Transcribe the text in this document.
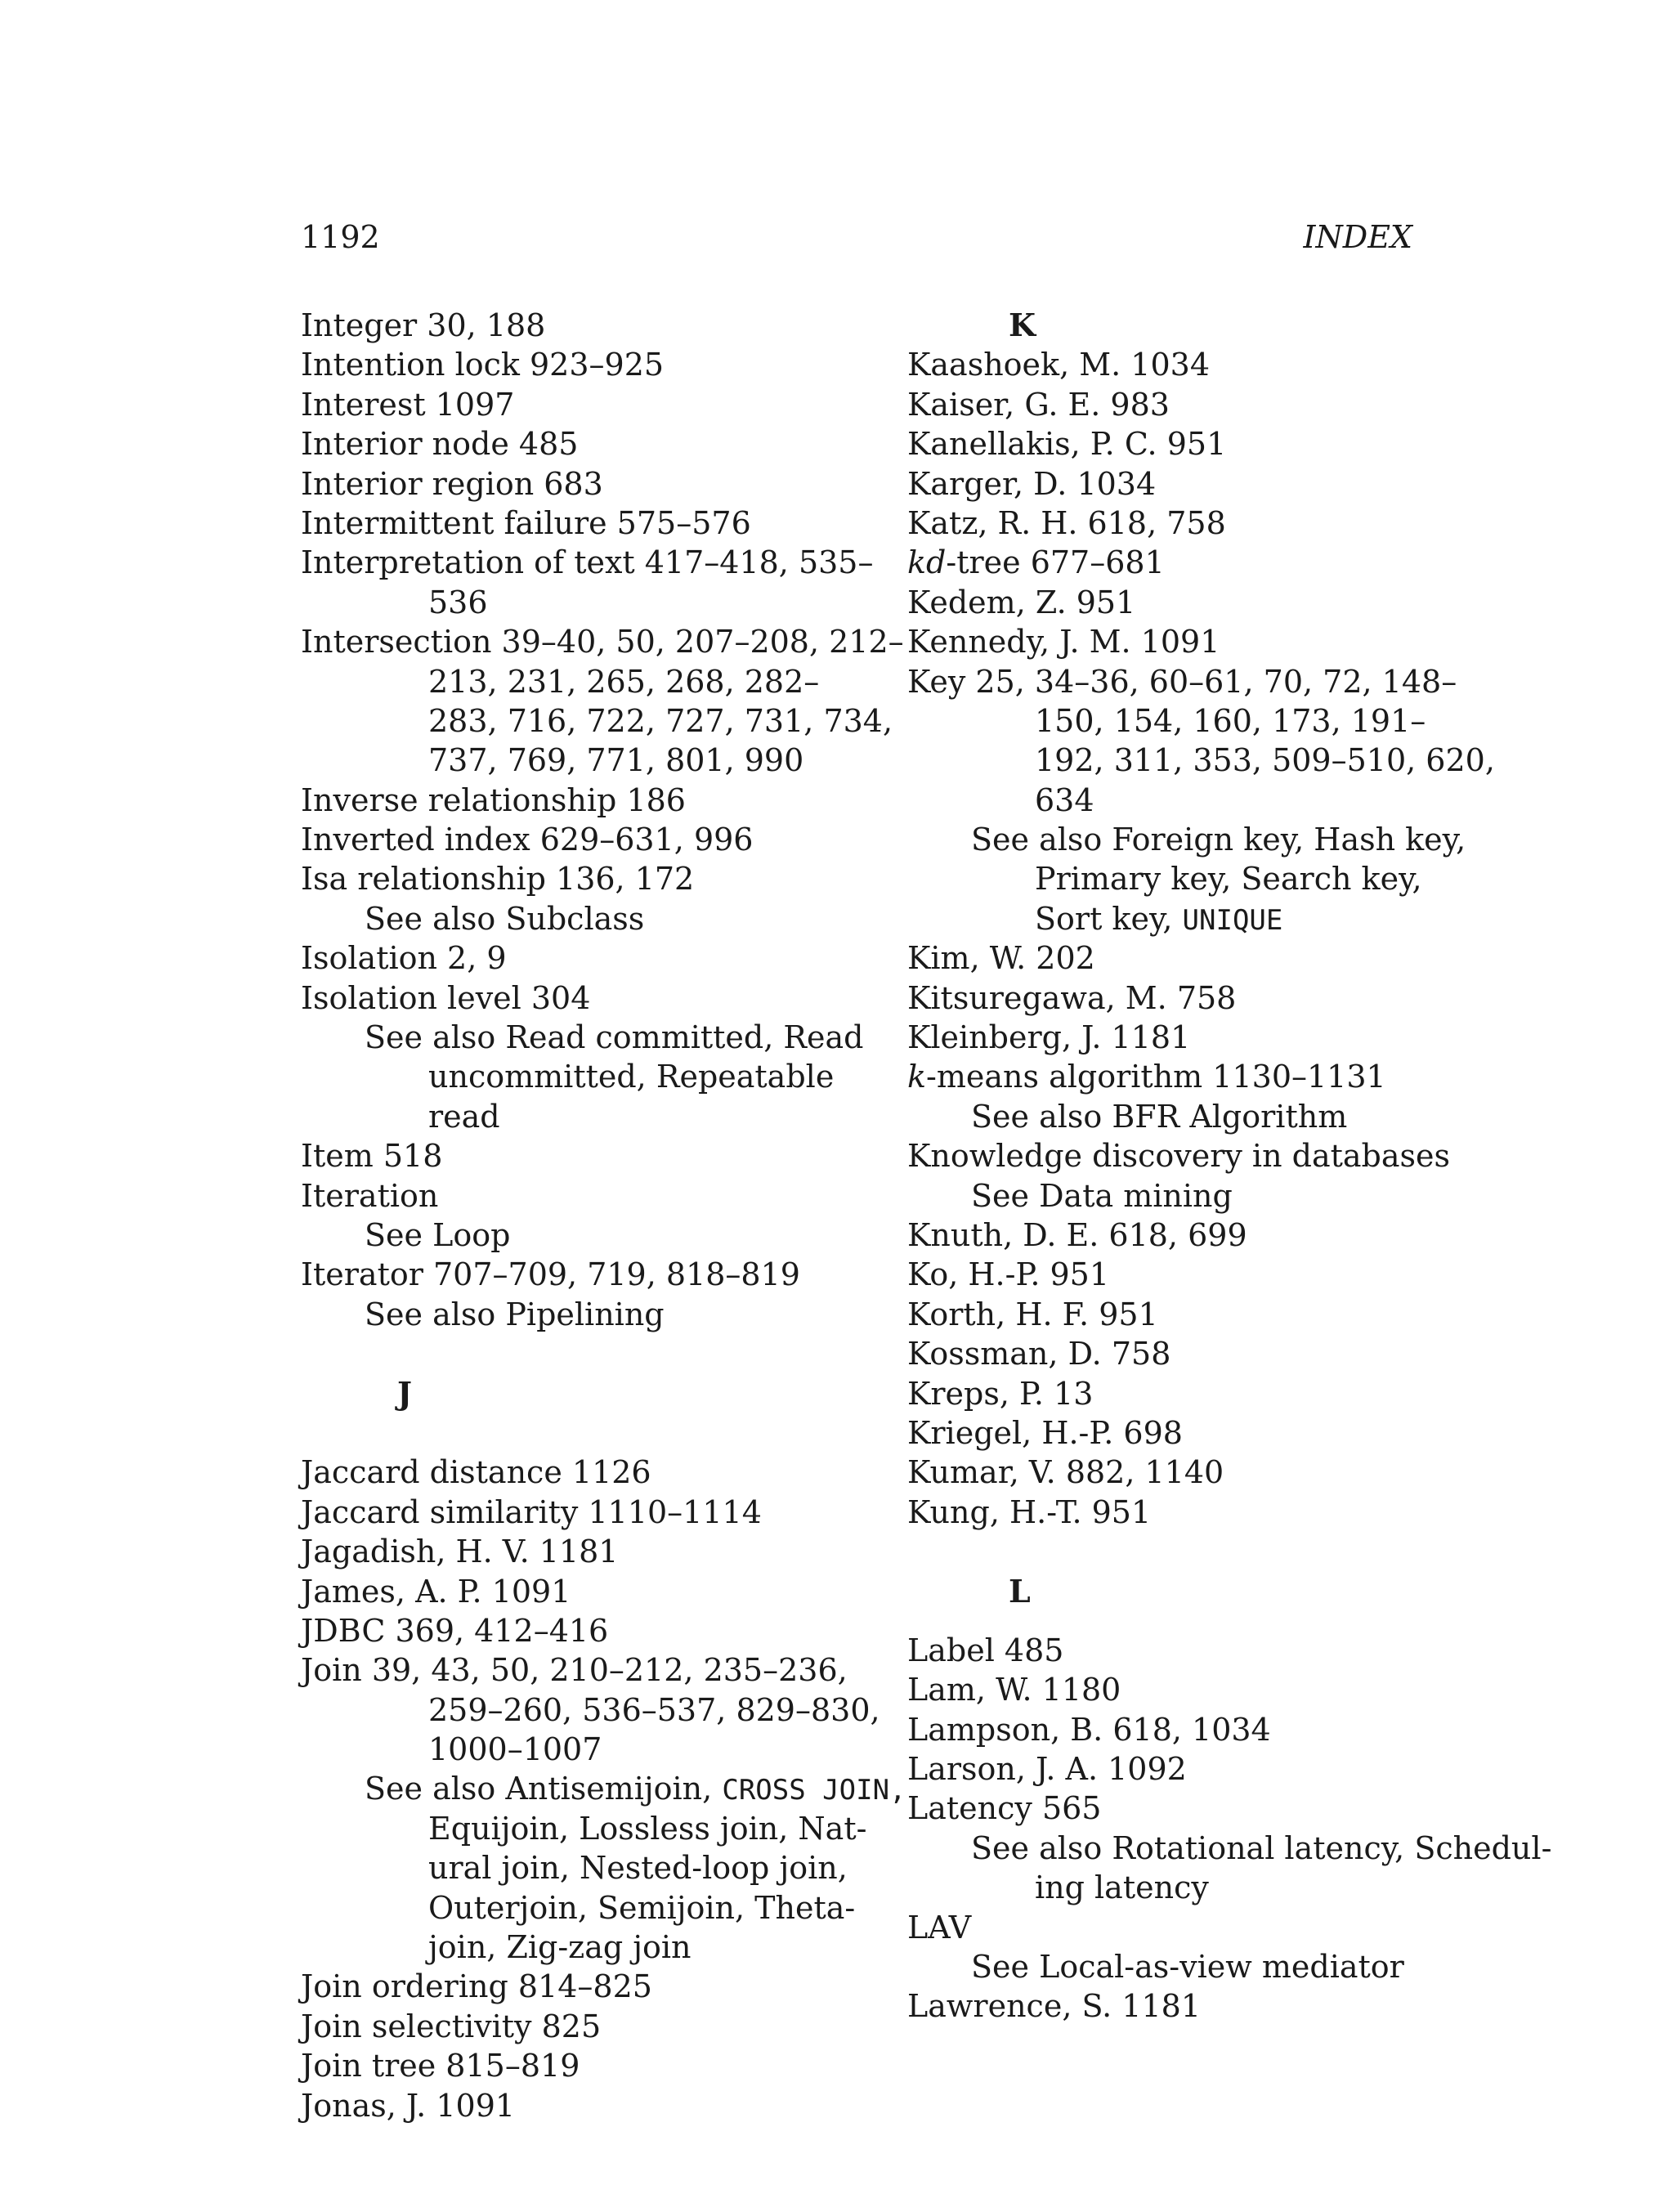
1192	INDEX
Integer 30, 188
Intention lock 923–925
Interest 1097
Interior node 485
Interior region 683
Intermittent failure 575–576
Interpretation of text 417–418, 535–
536
Intersection 39–40, 50, 207–208, 212–
213, 231, 265, 268, 282–
283, 716, 722, 727, 731, 734,
737, 769, 771, 801, 990
Inverse relationship 186
Inverted index 629–631, 996
Isa relationship 136, 172
See also Subclass
Isolation 2, 9
Isolation level 304
See also Read committed, Read
uncommitted, Repeatable
read
Item 518
Iteration
See Loop
Iterator 707–709, 719, 818–819
See also Pipelining
J
Jaccard distance 1126
Jaccard similarity 1110–1114
Jagadish, H. V. 1181
James, A. P. 1091
JDBC 369, 412–416
Join 39, 43, 50, 210–212, 235–236,
259–260, 536–537, 829–830,
1000–1007
See also Antisemijoin, CROSS JOIN,
Equijoin, Lossless join, Nat-
ural join, Nested-loop join,
Outerjoin, Semijoin, Theta-
join, Zig-zag join
Join ordering 814–825
Join selectivity 825
Join tree 815–819
Jonas, J. 1091
K
Kaashoek, M. 1034
Kaiser, G. E. 983
Kanellakis, P. C. 951
Karger, D. 1034
Katz, R. H. 618, 758
kd-tree 677–681
Kedem, Z. 951
Kennedy, J. M. 1091
Key 25, 34–36, 60–61, 70, 72, 148–
150, 154, 160, 173, 191–
192, 311, 353, 509–510, 620,
634
See also Foreign key, Hash key,
Primary key, Search key,
Sort key, UNIQUE
Kim, W. 202
Kitsuregawa, M. 758
Kleinberg, J. 1181
k-means algorithm 1130–1131
See also BFR Algorithm
Knowledge discovery in databases
See Data mining
Knuth, D. E. 618, 699
Ko, H.-P. 951
Korth, H. F. 951
Kossman, D. 758
Kreps, P. 13
Kriegel, H.-P. 698
Kumar, V. 882, 1140
Kung, H.-T. 951
L
Label 485
Lam, W. 1180
Lampson, B. 618, 1034
Larson, J. A. 1092
Latency 565
See also Rotational latency, Schedul-
ing latency
LAV
See Local-as-view mediator
Lawrence, S. 1181
